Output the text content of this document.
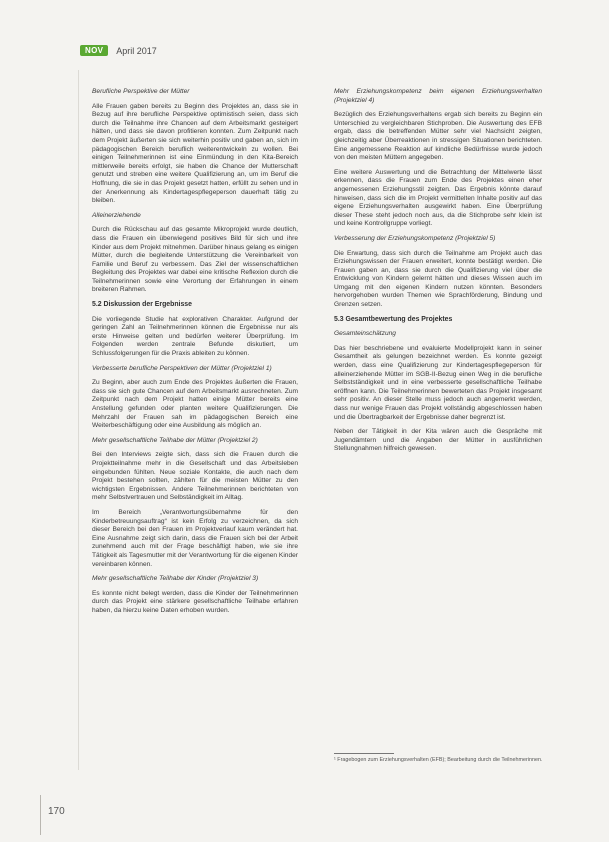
NOV	April 2017

Berufliche Perspektive der Mütter

Alle Frauen gaben bereits zu Beginn des Projektes an, dass sie in Bezug auf ihre berufliche Perspektive optimistisch seien, dass sich durch die Teilnahme ihre Chancen auf dem Arbeitsmarkt gesteigert hätten, und dass sie davon profitieren konnten. Zum Zeitpunkt nach dem Projekt äußerten sie sich weiterhin positiv und gaben an, sich im pädagogischen Bereich beruflich weiterentwickeln zu wollen. Bei einigen Teilnehmerinnen ist eine Einmündung in den Kita-Bereich mittlerweile bereits erfolgt, sie haben die Chance der Mutterschaft genutzt und streben eine weitere Qualifizierung an, um im Beruf die Hoffnung, die sie in das Projekt gesetzt hatten, erfüllt zu sehen und in der Anerkennung als Kindertagespflegeperson dauerhaft tätig zu bleiben.

Alleinerziehende

Durch die Rückschau auf das gesamte Mikroprojekt wurde deutlich, dass die Frauen ein überwiegend positives Bild für sich und ihre Kinder aus dem Projekt mitnehmen. Darüber hinaus gelang es einigen Mütter, durch die begleitende Unterstützung die Vereinbarkeit von Familie und Beruf zu verbessern. Das Ziel der wissenschaftlichen Begleitung des Projektes war dabei eine kritische Reflexion durch die Teilnehmerinnen sowie eine Verortung der Erfahrungen in einem breiteren Rahmen.

5.2 Diskussion der Ergebnisse

Die vorliegende Studie hat explorativen Charakter. Aufgrund der geringen Zahl an Teilnehmerinnen können die Ergebnisse nur als erste Hinweise gelten und bedürfen weiterer Überprüfung. Im Folgenden werden zentrale Befunde diskutiert, um Schlussfolgerungen für die Praxis ableiten zu können.

Verbesserte berufliche Perspektiven der Mütter (Projektziel 1)

Zu Beginn, aber auch zum Ende des Projektes äußerten die Frauen, dass sie sich gute Chancen auf dem Arbeitsmarkt ausrechneten. Zum Zeitpunkt nach dem Projekt hatten einige Mütter bereits eine Anstellung gefunden oder planten weitere Qualifizierungen. Die Mehrzahl der Frauen sah im pädagogischen Bereich eine Weiterbeschäftigung oder eine Ausbildung als möglich an.

Mehr gesellschaftliche Teilhabe der Mütter (Projektziel 2)

Bei den Interviews zeigte sich, dass sich die Frauen durch die Projektteilnahme mehr in die Gesellschaft und das Arbeitsleben eingebunden fühlten. Neue soziale Kontakte, die auch nach dem Projekt bestehen sollten, zählten für die meisten Mütter zu den wichtigsten Ergebnissen. Andere Teilnehmerinnen berichteten von mehr Selbstvertrauen und Selbständigkeit im Alltag.

Im Bereich „Verantwortungsübernahme für den Kinderbetreuungsauftrag“ ist kein Erfolg zu verzeichnen, da sich dieser Bereich bei den Frauen im Projektverlauf kaum verändert hat. Eine Ausnahme zeigt sich darin, dass die Frauen sich bei der Arbeit zunehmend auch mit der Frage beschäftigt haben, wie sie ihre Tätigkeit als Tagesmutter mit der Verantwortung für die eigenen Kinder vereinbaren können.

Mehr gesellschaftliche Teilhabe der Kinder (Projektziel 3)

Es konnte nicht belegt werden, dass die Kinder der Teilnehmerinnen durch das Projekt eine stärkere gesellschaftliche Teilhabe erfahren haben, da hierzu keine Daten erhoben wurden.

Mehr Erziehungskompetenz beim eigenen Erziehungsverhalten (Projektziel 4)

Bezüglich des Erziehungsverhaltens ergab sich bereits zu Beginn ein Unterschied zu vergleichbaren Stichproben. Die Auswertung des EFB ergab, dass die betreffenden Mütter sehr viel Nachsicht zeigten, gleichzeitig aber Überreaktionen in stressigen Situationen berichteten. Eine angemessene Reaktion auf kindliche Bedürfnisse wurde jedoch von den meisten Müttern angegeben.

Eine weitere Auswertung und die Betrachtung der Mittelwerte lässt erkennen, dass die Frauen zum Ende des Projektes einen eher angemessenen Erziehungsstil zeigten. Das Ergebnis könnte darauf hinweisen, dass sich die im Projekt vermittelten Inhalte positiv auf das eigene Erziehungsverhalten ausgewirkt haben. Eine Überprüfung dieser These steht jedoch noch aus, da die Stichprobe sehr klein ist und keine Kontrollgruppe vorliegt.

Verbesserung der Erziehungskompetenz (Projektziel 5)

Die Erwartung, dass sich durch die Teilnahme am Projekt auch das Erziehungswissen der Frauen erweitert, konnte bestätigt werden. Die Frauen gaben an, dass sie durch die Qualifizierung viel über die Entwicklung von Kindern gelernt hätten und dieses Wissen auch im Umgang mit den eigenen Kindern nutzen könnten. Besonders hervorgehoben wurden Themen wie Sprachförderung, Bindung und Grenzen setzen.

5.3 Gesamtbewertung des Projektes

Gesamteinschätzung

Das hier beschriebene und evaluierte Modellprojekt kann in seiner Gesamtheit als gelungen bezeichnet werden. Es konnte gezeigt werden, dass eine Qualifizierung zur Kindertagespflegeperson für alleinerziehende Mütter im SGB-II-Bezug einen Weg in die berufliche Selbstständigkeit und in eine verbesserte gesellschaftliche Teilhabe eröffnen kann. Die Teilnehmerinnen bewerteten das Projekt insgesamt sehr positiv. An dieser Stelle muss jedoch auch angemerkt werden, dass nur wenige Frauen das Projekt vollständig abgeschlossen haben und die Übertragbarkeit der Ergebnisse daher begrenzt ist.

Neben der Tätigkeit in der Kita wären auch die Gespräche mit Jugendämtern und die Angaben der Mütter in ausführlichen Stellungnahmen hilfreich gewesen.

¹ Fragebogen zum Erziehungsverhalten (EFB); Bearbeitung durch die Teilnehmerinnen.
170
